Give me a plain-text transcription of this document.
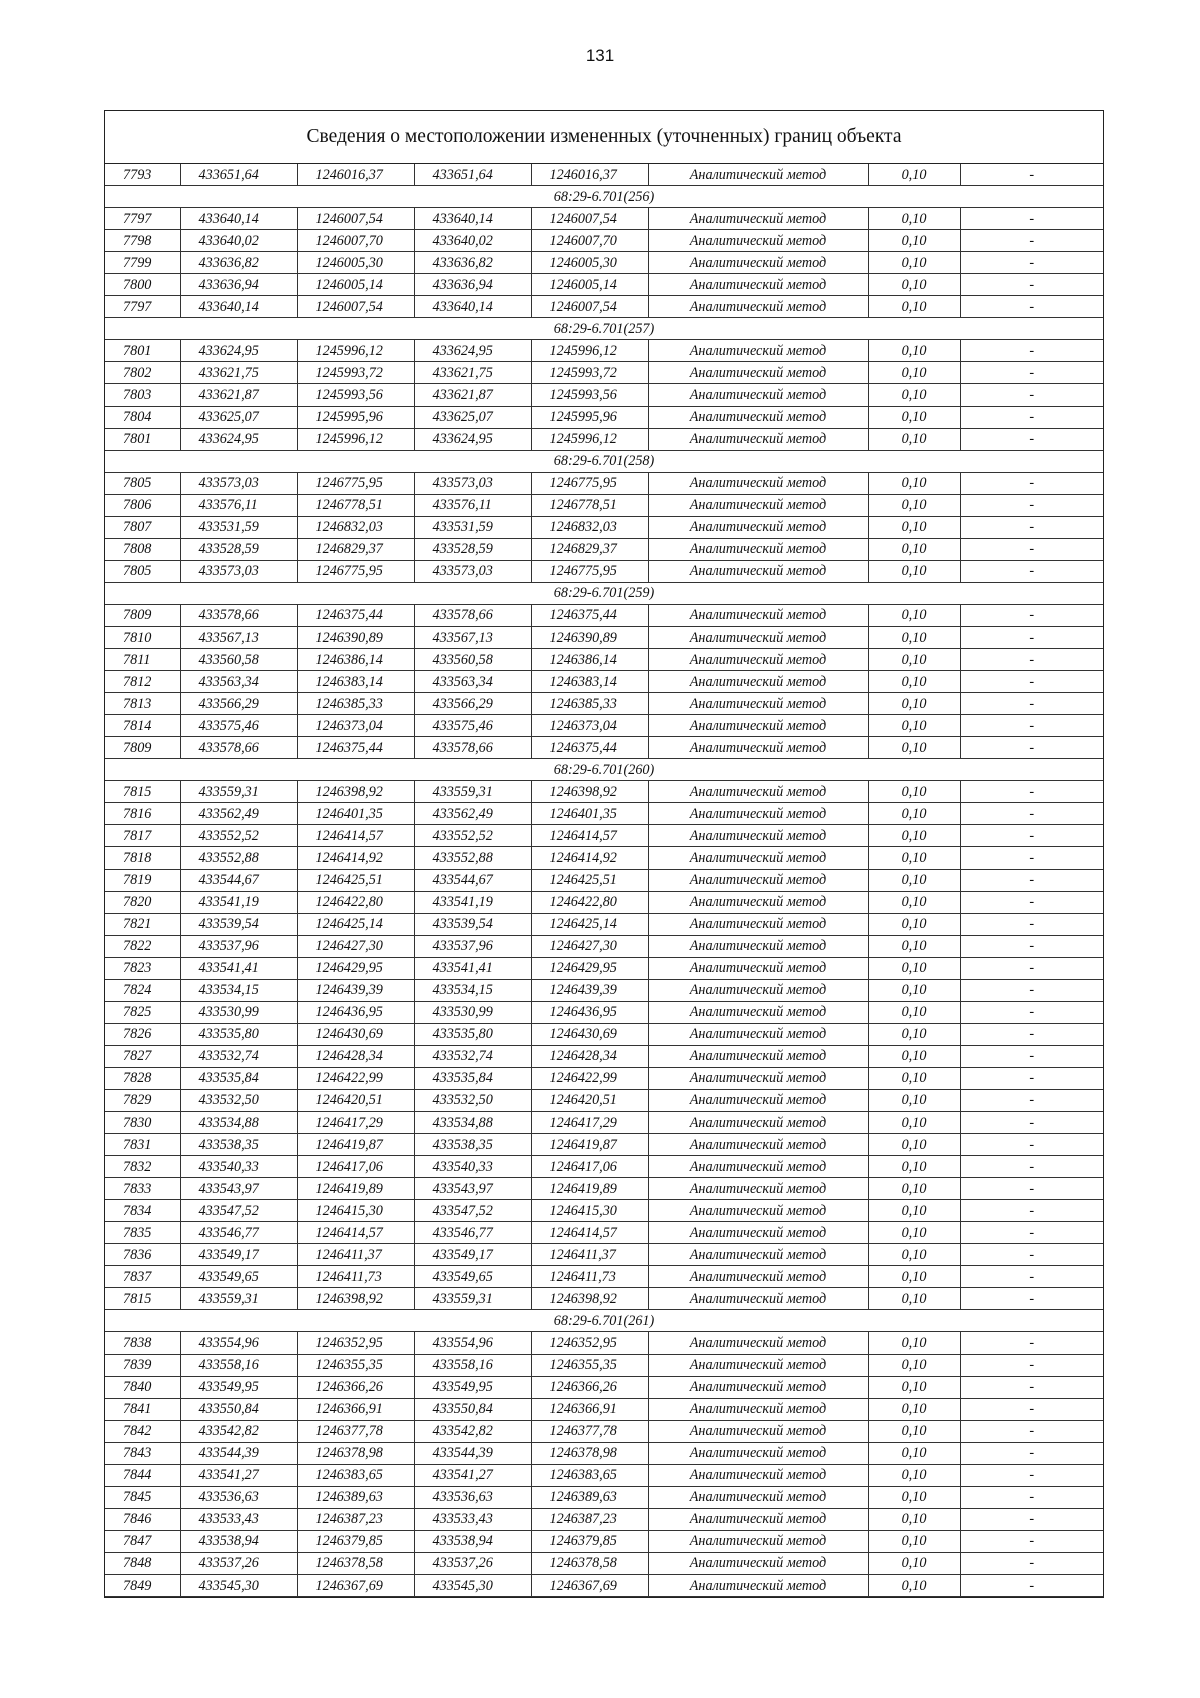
131
Сведения о местоположении измененных (уточненных) границ объекта
7793	433651,64	1246016,37	433651,64	1246016,37	Аналитический метод	0,10	-
68:29-6.701(256)							
7797	433640,14	1246007,54	433640,14	1246007,54	Аналитический метод	0,10	-
7798	433640,02	1246007,70	433640,02	1246007,70	Аналитический метод	0,10	-
7799	433636,82	1246005,30	433636,82	1246005,30	Аналитический метод	0,10	-
7800	433636,94	1246005,14	433636,94	1246005,14	Аналитический метод	0,10	-
7797	433640,14	1246007,54	433640,14	1246007,54	Аналитический метод	0,10	-
68:29-6.701(257)							
7801	433624,95	1245996,12	433624,95	1245996,12	Аналитический метод	0,10	-
7802	433621,75	1245993,72	433621,75	1245993,72	Аналитический метод	0,10	-
7803	433621,87	1245993,56	433621,87	1245993,56	Аналитический метод	0,10	-
7804	433625,07	1245995,96	433625,07	1245995,96	Аналитический метод	0,10	-
7801	433624,95	1245996,12	433624,95	1245996,12	Аналитический метод	0,10	-
68:29-6.701(258)							
7805	433573,03	1246775,95	433573,03	1246775,95	Аналитический метод	0,10	-
7806	433576,11	1246778,51	433576,11	1246778,51	Аналитический метод	0,10	-
7807	433531,59	1246832,03	433531,59	1246832,03	Аналитический метод	0,10	-
7808	433528,59	1246829,37	433528,59	1246829,37	Аналитический метод	0,10	-
7805	433573,03	1246775,95	433573,03	1246775,95	Аналитический метод	0,10	-
68:29-6.701(259)							
7809	433578,66	1246375,44	433578,66	1246375,44	Аналитический метод	0,10	-
7810	433567,13	1246390,89	433567,13	1246390,89	Аналитический метод	0,10	-
7811	433560,58	1246386,14	433560,58	1246386,14	Аналитический метод	0,10	-
7812	433563,34	1246383,14	433563,34	1246383,14	Аналитический метод	0,10	-
7813	433566,29	1246385,33	433566,29	1246385,33	Аналитический метод	0,10	-
7814	433575,46	1246373,04	433575,46	1246373,04	Аналитический метод	0,10	-
7809	433578,66	1246375,44	433578,66	1246375,44	Аналитический метод	0,10	-
68:29-6.701(260)							
7815	433559,31	1246398,92	433559,31	1246398,92	Аналитический метод	0,10	-
7816	433562,49	1246401,35	433562,49	1246401,35	Аналитический метод	0,10	-
7817	433552,52	1246414,57	433552,52	1246414,57	Аналитический метод	0,10	-
7818	433552,88	1246414,92	433552,88	1246414,92	Аналитический метод	0,10	-
7819	433544,67	1246425,51	433544,67	1246425,51	Аналитический метод	0,10	-
7820	433541,19	1246422,80	433541,19	1246422,80	Аналитический метод	0,10	-
7821	433539,54	1246425,14	433539,54	1246425,14	Аналитический метод	0,10	-
7822	433537,96	1246427,30	433537,96	1246427,30	Аналитический метод	0,10	-
7823	433541,41	1246429,95	433541,41	1246429,95	Аналитический метод	0,10	-
7824	433534,15	1246439,39	433534,15	1246439,39	Аналитический метод	0,10	-
7825	433530,99	1246436,95	433530,99	1246436,95	Аналитический метод	0,10	-
7826	433535,80	1246430,69	433535,80	1246430,69	Аналитический метод	0,10	-
7827	433532,74	1246428,34	433532,74	1246428,34	Аналитический метод	0,10	-
7828	433535,84	1246422,99	433535,84	1246422,99	Аналитический метод	0,10	-
7829	433532,50	1246420,51	433532,50	1246420,51	Аналитический метод	0,10	-
7830	433534,88	1246417,29	433534,88	1246417,29	Аналитический метод	0,10	-
7831	433538,35	1246419,87	433538,35	1246419,87	Аналитический метод	0,10	-
7832	433540,33	1246417,06	433540,33	1246417,06	Аналитический метод	0,10	-
7833	433543,97	1246419,89	433543,97	1246419,89	Аналитический метод	0,10	-
7834	433547,52	1246415,30	433547,52	1246415,30	Аналитический метод	0,10	-
7835	433546,77	1246414,57	433546,77	1246414,57	Аналитический метод	0,10	-
7836	433549,17	1246411,37	433549,17	1246411,37	Аналитический метод	0,10	-
7837	433549,65	1246411,73	433549,65	1246411,73	Аналитический метод	0,10	-
7815	433559,31	1246398,92	433559,31	1246398,92	Аналитический метод	0,10	-
68:29-6.701(261)							
7838	433554,96	1246352,95	433554,96	1246352,95	Аналитический метод	0,10	-
7839	433558,16	1246355,35	433558,16	1246355,35	Аналитический метод	0,10	-
7840	433549,95	1246366,26	433549,95	1246366,26	Аналитический метод	0,10	-
7841	433550,84	1246366,91	433550,84	1246366,91	Аналитический метод	0,10	-
7842	433542,82	1246377,78	433542,82	1246377,78	Аналитический метод	0,10	-
7843	433544,39	1246378,98	433544,39	1246378,98	Аналитический метод	0,10	-
7844	433541,27	1246383,65	433541,27	1246383,65	Аналитический метод	0,10	-
7845	433536,63	1246389,63	433536,63	1246389,63	Аналитический метод	0,10	-
7846	433533,43	1246387,23	433533,43	1246387,23	Аналитический метод	0,10	-
7847	433538,94	1246379,85	433538,94	1246379,85	Аналитический метод	0,10	-
7848	433537,26	1246378,58	433537,26	1246378,58	Аналитический метод	0,10	-
7849	433545,30	1246367,69	433545,30	1246367,69	Аналитический метод	0,10	-
